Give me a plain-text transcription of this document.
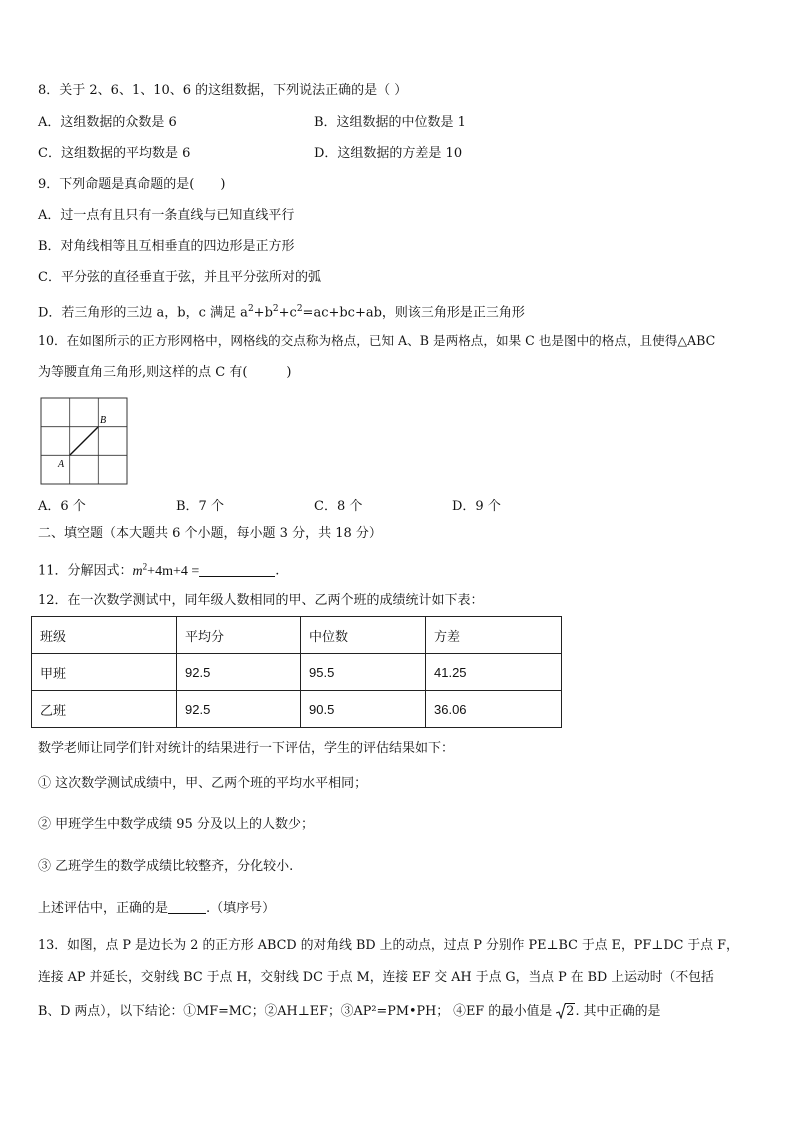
8．关于 2、6、1、10、6 的这组数据，下列说法正确的是（ ）
A．这组数据的众数是 6	B．这组数据的中位数是 1
C．这组数据的平均数是 6	D．这组数据的方差是 10
9．下列命题是真命题的是(　　)
A．过一点有且只有一条直线与已知直线平行
B．对角线相等且互相垂直的四边形是正方形
C．平分弦的直径垂直于弦，并且平分弦所对的弧
D．若三角形的三边 a，b，c 满足 $a^2+b^2+c^2=ac+bc+ab$，则该三角形是正三角形
10．在如图所示的正方形网格中，网格线的交点称为格点，已知 A、B 是两格点，如果 C 也是图中的格点，且使得△ABC
为等腰直角三角形,则这样的点 C 有(　　　)
A
B
A．6 个	B．7 个	C．8 个	D．9 个
二、填空题（本大题共 6 个小题，每小题 3 分，共 18 分）
11．分解因式：$m^2+4m+4$ =	.
12．在一次数学测试中，同年级人数相同的甲、乙两个班的成绩统计如下表：
班级	平均分	中位数	方差
甲班	92.5	95.5	41.25
乙班	92.5	90.5	36.06
数学老师让同学们针对统计的结果进行一下评估，学生的评估结果如下：
① 这次数学测试成绩中，甲、乙两个班的平均水平相同；
② 甲班学生中数学成绩 95 分及以上的人数少；
③ 乙班学生的数学成绩比较整齐，分化较小.
上述评估中，正确的是	.（填序号）
13．如图，点 P 是边长为 2 的正方形 ABCD 的对角线 BD 上的动点，过点 P 分别作 PE⊥BC 于点 E，PF⊥DC 于点 F，
连接 AP 并延长，交射线 BC 于点 H，交射线 DC 于点 M，连接 EF 交 AH 于点 G，当点 P 在 BD 上运动时（不包括
B、D 两点），以下结论：①MF=MC；②AH⊥EF；③AP²=PM•PH； ④EF 的最小值是 2. 其中正确的是
